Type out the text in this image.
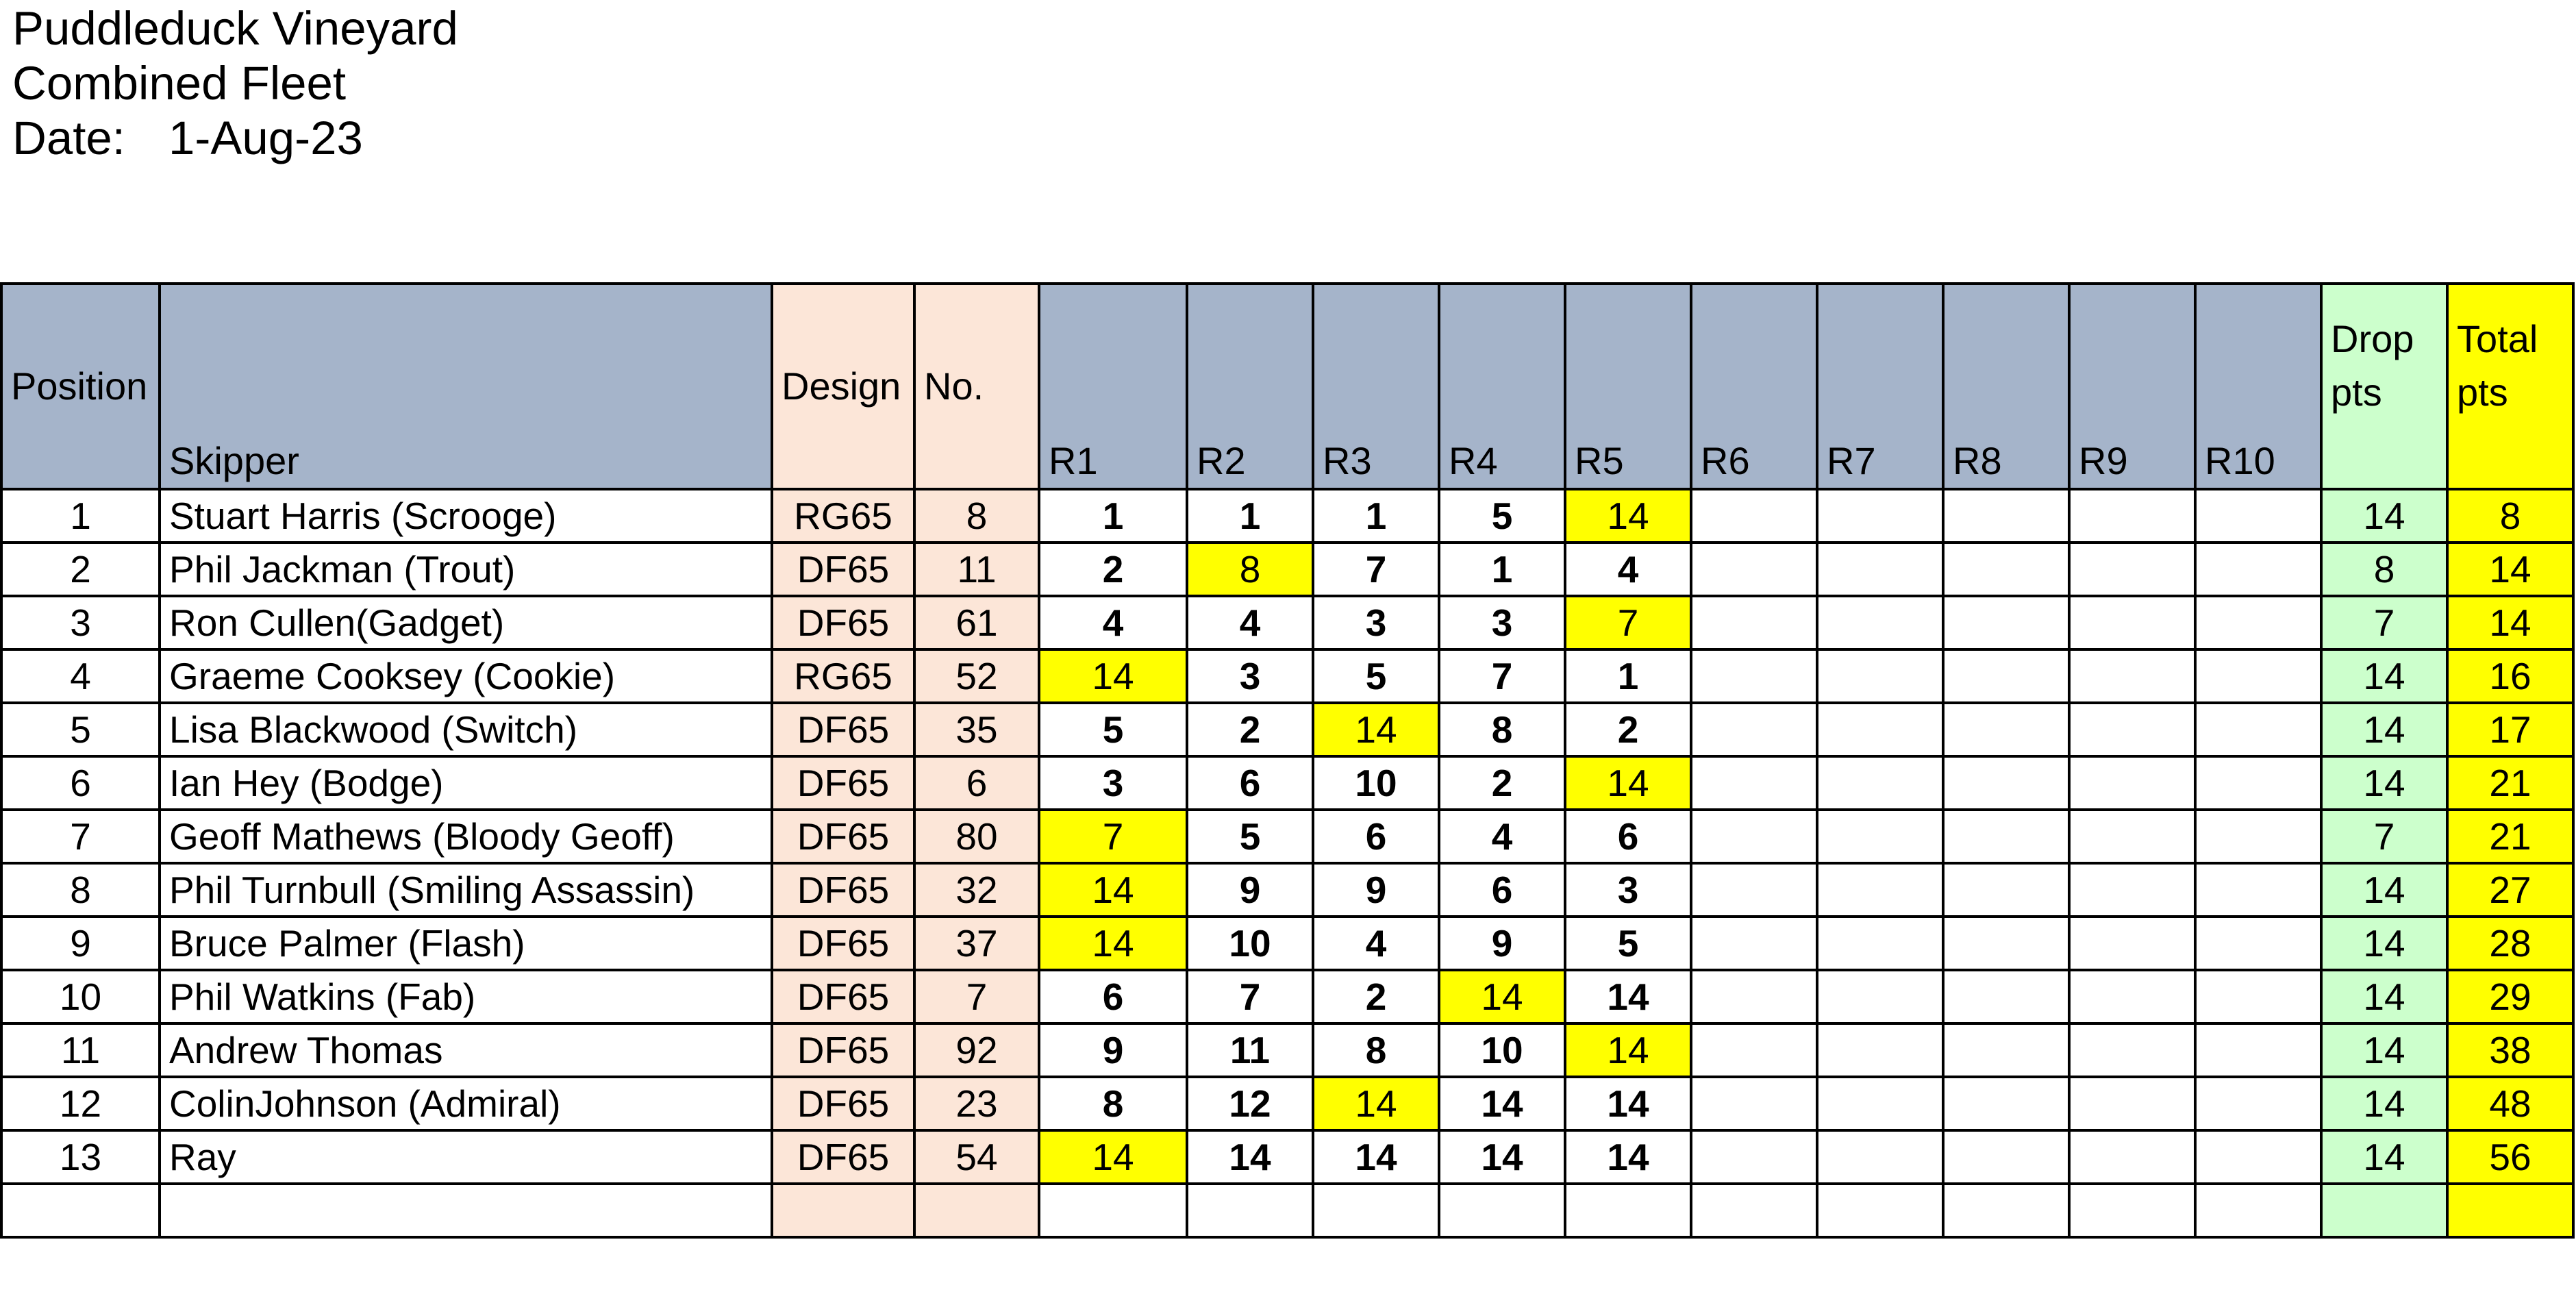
Puddleduck Vineyard
Combined Fleet
Date: 1-Aug-23
Position	Skipper	Design	No.	R1	R2	R3	R4	R5	R6	R7	R8	R9	R10	Drop pts	Total pts

1	Stuart Harris (Scrooge)	RG65	8	1	1	1	5	14						14	8
2	Phil Jackman (Trout)	DF65	11	2	8	7	1	4						8	14
3	Ron Cullen(Gadget)	DF65	61	4	4	3	3	7						7	14
4	Graeme Cooksey (Cookie)	RG65	52	14	3	5	7	1						14	16
5	Lisa Blackwood (Switch)	DF65	35	5	2	14	8	2						14	17
6	Ian Hey (Bodge)	DF65	6	3	6	10	2	14						14	21
7	Geoff Mathews (Bloody Geoff)	DF65	80	7	5	6	4	6						7	21
8	Phil Turnbull (Smiling Assassin)	DF65	32	14	9	9	6	3						14	27
9	Bruce Palmer (Flash)	DF65	37	14	10	4	9	5						14	28
10	Phil Watkins (Fab)	DF65	7	6	7	2	14	14						14	29
11	Andrew Thomas	DF65	92	9	11	8	10	14						14	38
12	ColinJohnson (Admiral)	DF65	23	8	12	14	14	14						14	48
13	Ray	DF65	54	14	14	14	14	14						14	56
